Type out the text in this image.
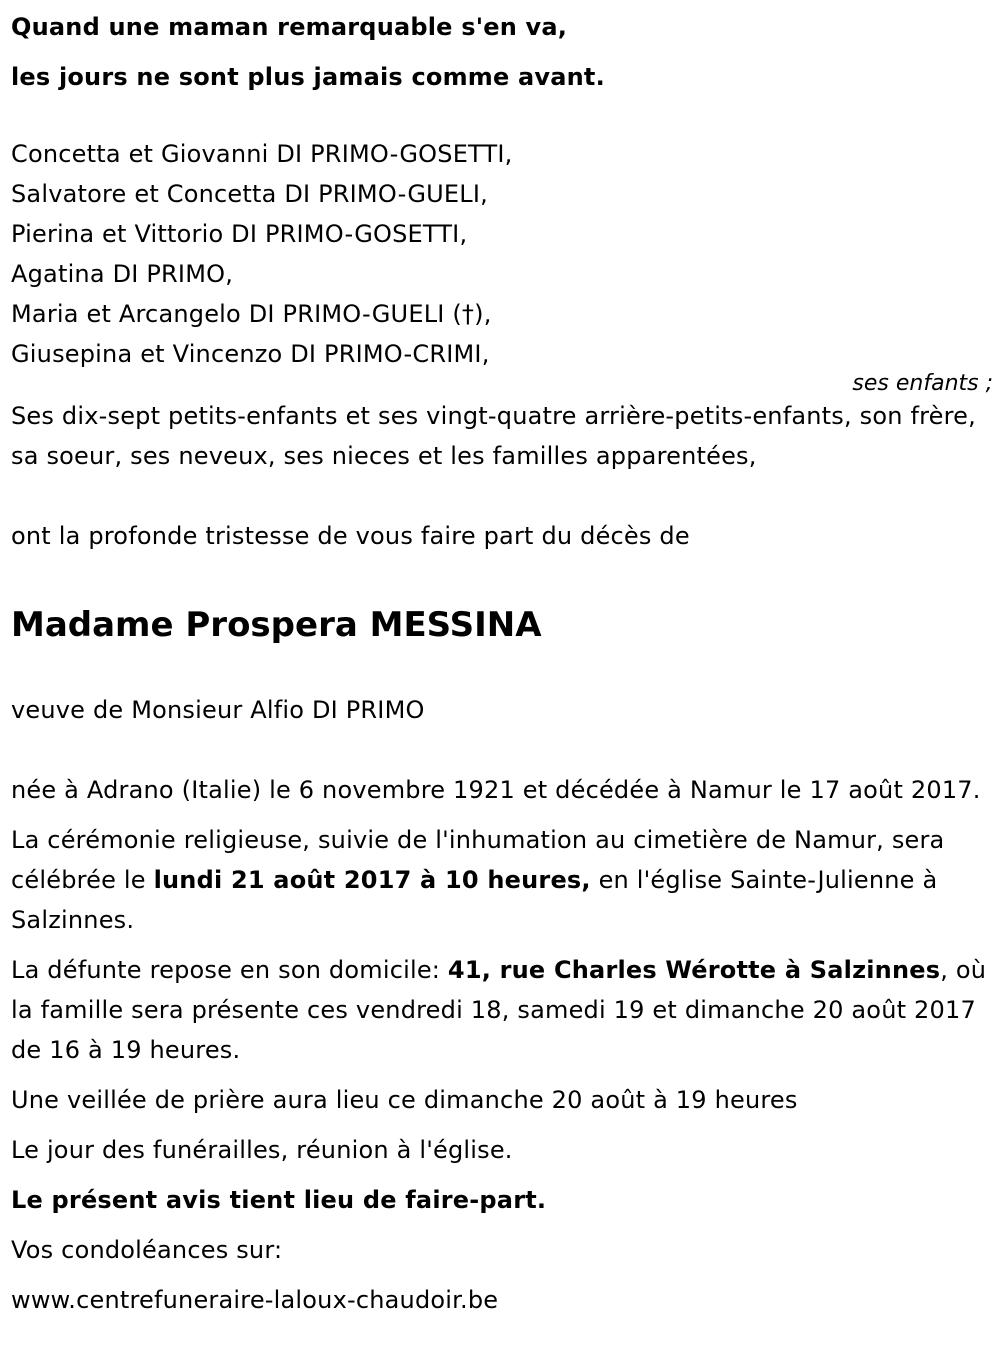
Quand une maman remarquable s'en va,
les jours ne sont plus jamais comme avant.
Concetta et Giovanni DI PRIMO-GOSETTI,
Salvatore et Concetta DI PRIMO-GUELI,
Pierina et Vittorio DI PRIMO-GOSETTI,
Agatina DI PRIMO,
Maria et Arcangelo DI PRIMO-GUELI (†),
Giusepina et Vincenzo DI PRIMO-CRIMI,
ses enfants ;
Ses dix-sept petits-enfants et ses vingt-quatre arrière-petits-enfants, son frère, sa soeur, ses neveux, ses nieces et les familles apparentées,
ont la profonde tristesse de vous faire part du décès de
Madame Prospera MESSINA
veuve de Monsieur Alfio DI PRIMO
née à Adrano (Italie) le 6 novembre 1921 et décédée à Namur le 17 août 2017.
La cérémonie religieuse, suivie de l'inhumation au cimetière de Namur, sera célébrée le lundi 21 août 2017 à 10 heures, en l'église Sainte-Julienne à Salzinnes.
La défunte repose en son domicile: 41, rue Charles Wérotte à Salzinnes, où la famille sera présente ces vendredi 18, samedi 19 et dimanche 20 août 2017 de 16 à 19 heures.
Une veillée de prière aura lieu ce dimanche 20 août à 19 heures
Le jour des funérailles, réunion à l'église.
Le présent avis tient lieu de faire-part.
Vos condoléances sur:
www.centrefuneraire-laloux-chaudoir.be
